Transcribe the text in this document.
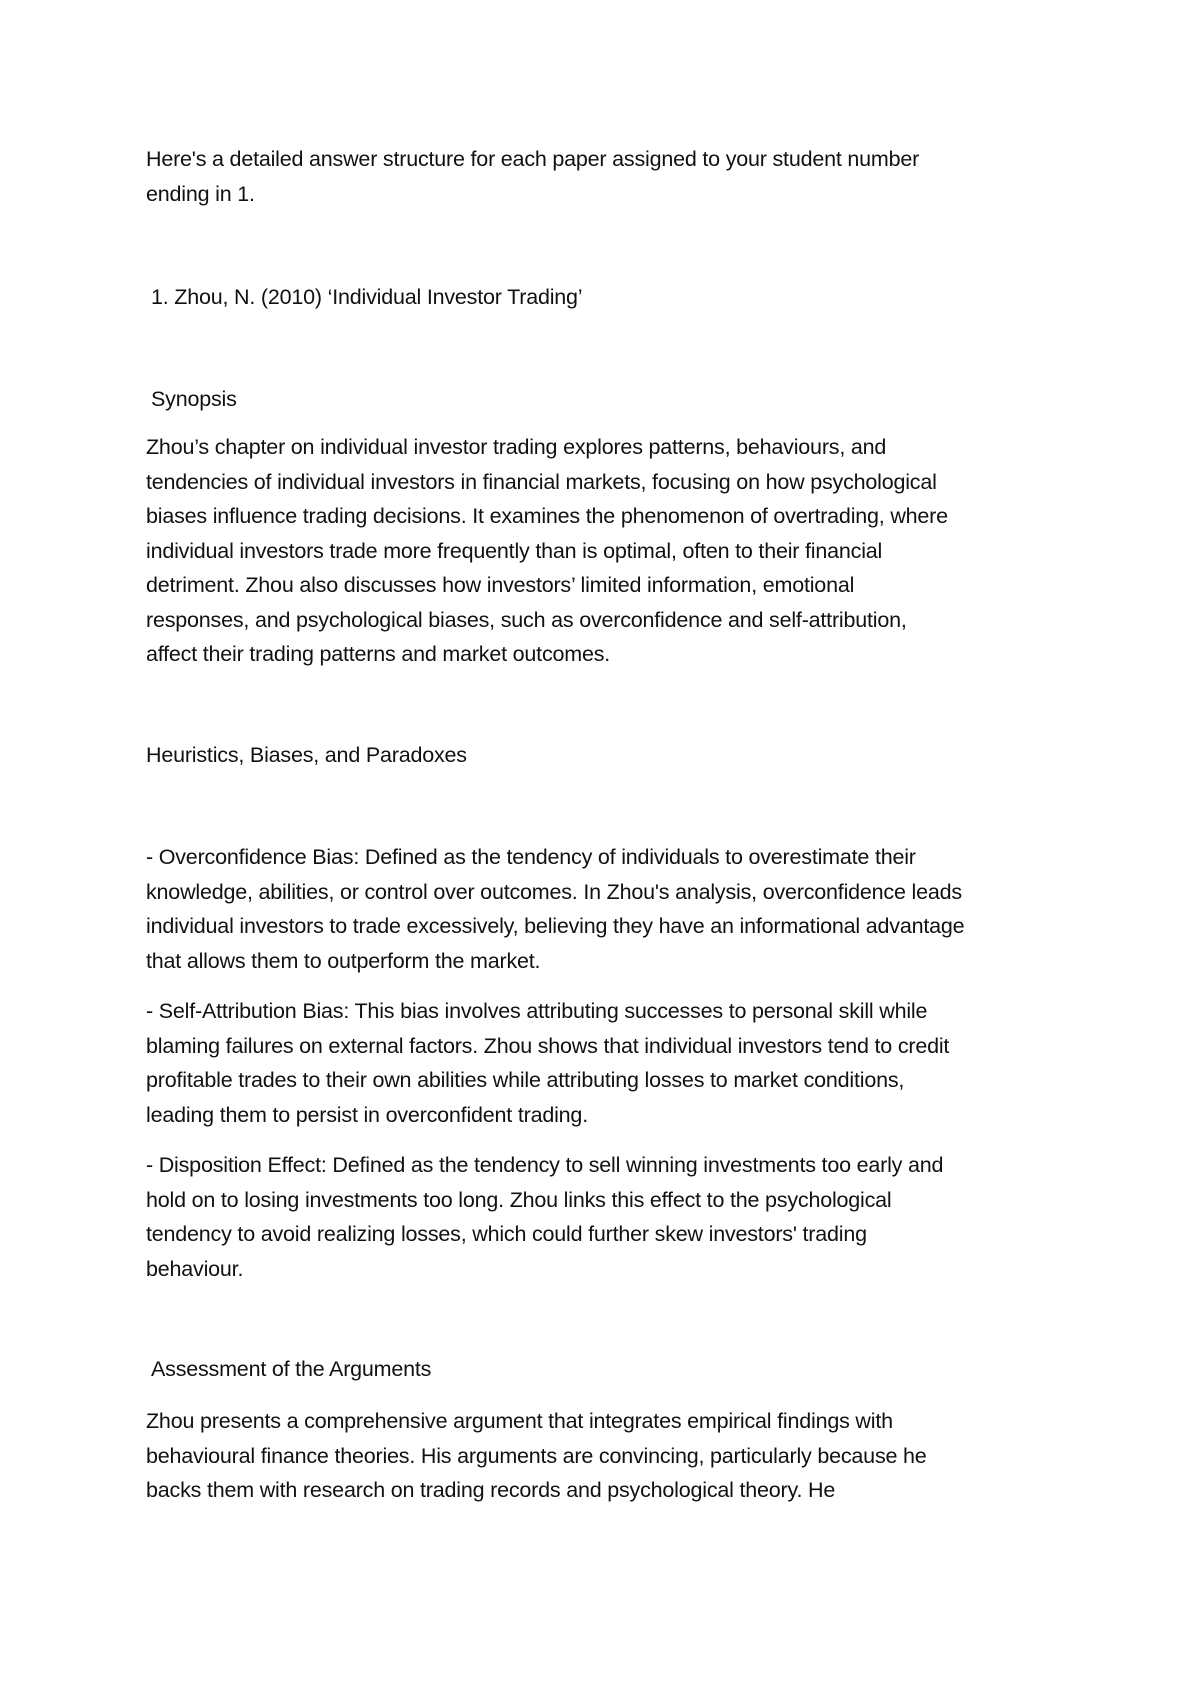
Here's a detailed answer structure for each paper assigned to your student number
ending in 1.

1. Zhou, N. (2010) ‘Individual Investor Trading’

Synopsis

Zhou’s chapter on individual investor trading explores patterns, behaviours, and
tendencies of individual investors in financial markets, focusing on how psychological
biases influence trading decisions. It examines the phenomenon of overtrading, where
individual investors trade more frequently than is optimal, often to their financial
detriment. Zhou also discusses how investors’ limited information, emotional
responses, and psychological biases, such as overconfidence and self-attribution,
affect their trading patterns and market outcomes.

Heuristics, Biases, and Paradoxes

- Overconfidence Bias: Defined as the tendency of individuals to overestimate their
knowledge, abilities, or control over outcomes. In Zhou's analysis, overconfidence leads
individual investors to trade excessively, believing they have an informational advantage
that allows them to outperform the market.

- Self-Attribution Bias: This bias involves attributing successes to personal skill while
blaming failures on external factors. Zhou shows that individual investors tend to credit
profitable trades to their own abilities while attributing losses to market conditions,
leading them to persist in overconfident trading.

- Disposition Effect: Defined as the tendency to sell winning investments too early and
hold on to losing investments too long. Zhou links this effect to the psychological
tendency to avoid realizing losses, which could further skew investors' trading
behaviour.

Assessment of the Arguments

Zhou presents a comprehensive argument that integrates empirical findings with
behavioural finance theories. His arguments are convincing, particularly because he
backs them with research on trading records and psychological theory. He
